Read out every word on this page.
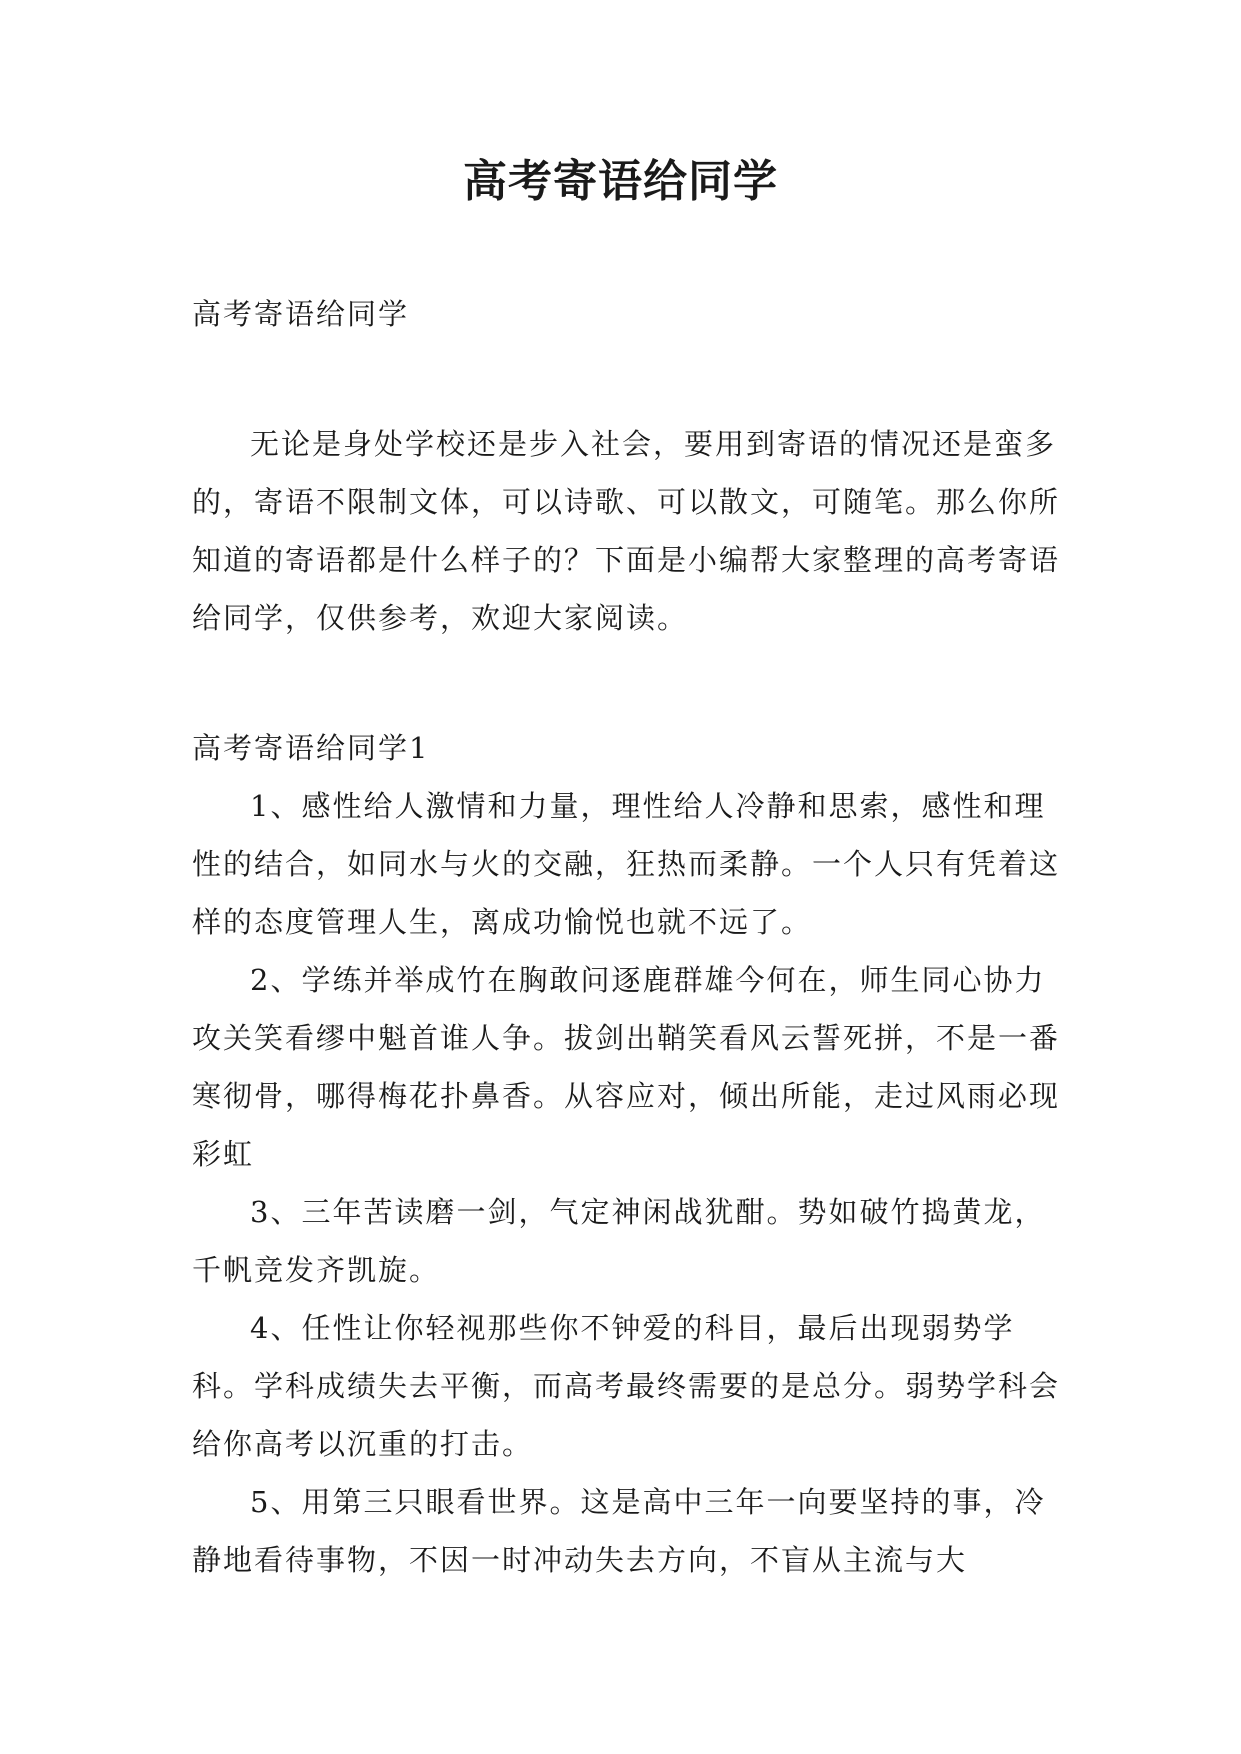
高考寄语给同学

高考寄语给同学

无论是身处学校还是步入社会，要用到寄语的情况还是蛮多的，寄语不限制文体，可以诗歌、可以散文，可随笔。那么你所知道的寄语都是什么样子的？下面是小编帮大家整理的高考寄语给同学，仅供参考，欢迎大家阅读。

高考寄语给同学1

1、感性给人激情和力量，理性给人冷静和思索，感性和理性的结合，如同水与火的交融，狂热而柔静。一个人只有凭着这样的态度管理人生，离成功愉悦也就不远了。

2、学练并举成竹在胸敢问逐鹿群雄今何在，师生同心协力攻关笑看缪中魁首谁人争。拔剑出鞘笑看风云誓死拼，不是一番寒彻骨，哪得梅花扑鼻香。从容应对，倾出所能，走过风雨必现彩虹

3、三年苦读磨一剑，气定神闲战犹酣。势如破竹捣黄龙，千帆竞发齐凯旋。

4、任性让你轻视那些你不钟爱的科目，最后出现弱势学科。学科成绩失去平衡，而高考最终需要的是总分。弱势学科会给你高考以沉重的打击。

5、用第三只眼看世界。这是高中三年一向要坚持的事，冷静地看待事物，不因一时冲动失去方向，不盲从主流与大
